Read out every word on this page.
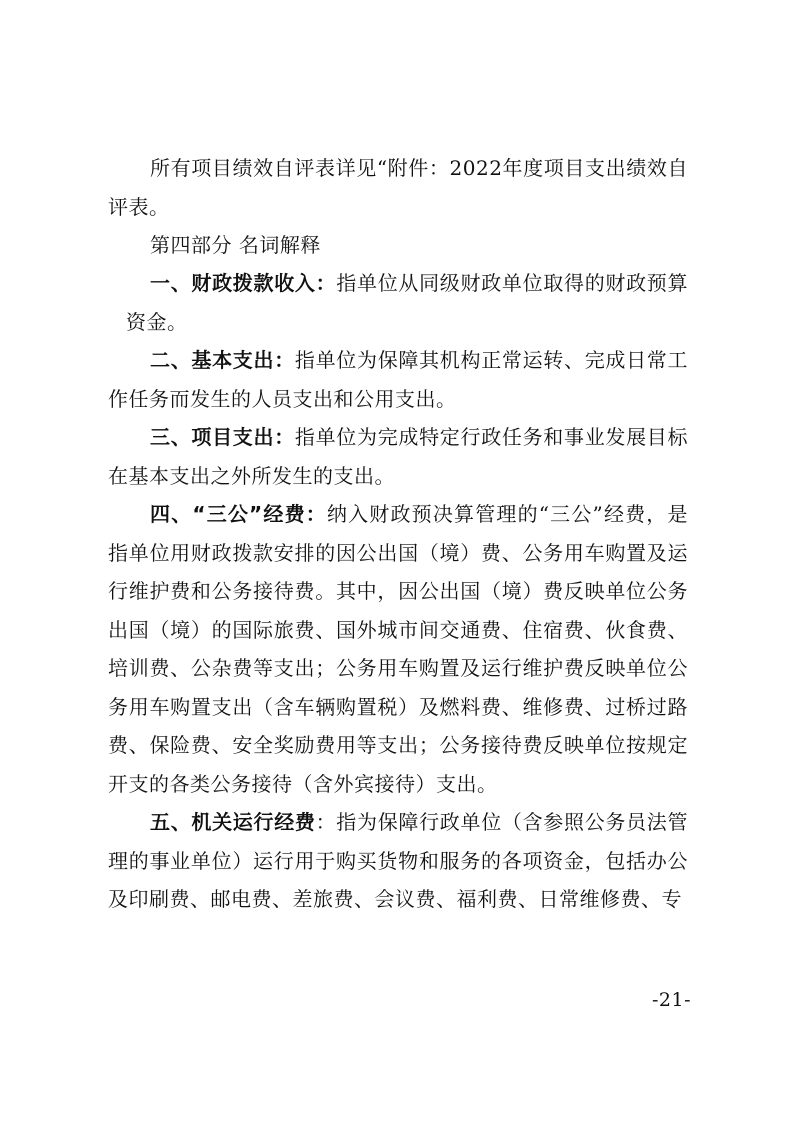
所有项目绩效自评表详见“附件：2022年度项目支出绩效自评表。

第四部分 名词解释

一、财政拨款收入：指单位从同级财政单位取得的财政预算资金。

二、基本支出：指单位为保障其机构正常运转、完成日常工作任务而发生的人员支出和公用支出。

三、项目支出：指单位为完成特定行政任务和事业发展目标在基本支出之外所发生的支出。

四、“三公”经费：纳入财政预决算管理的“三公”经费，是指单位用财政拨款安排的因公出国（境）费、公务用车购置及运行维护费和公务接待费。其中，因公出国（境）费反映单位公务出国（境）的国际旅费、国外城市间交通费、住宿费、伙食费、培训费、公杂费等支出；公务用车购置及运行维护费反映单位公务用车购置支出（含车辆购置税）及燃料费、维修费、过桥过路费、保险费、安全奖励费用等支出；公务接待费反映单位按规定开支的各类公务接待（含外宾接待）支出。

五、机关运行经费：指为保障行政单位（含参照公务员法管理的事业单位）运行用于购买货物和服务的各项资金，包括办公及印刷费、邮电费、差旅费、会议费、福利费、日常维修费、专

-21-
